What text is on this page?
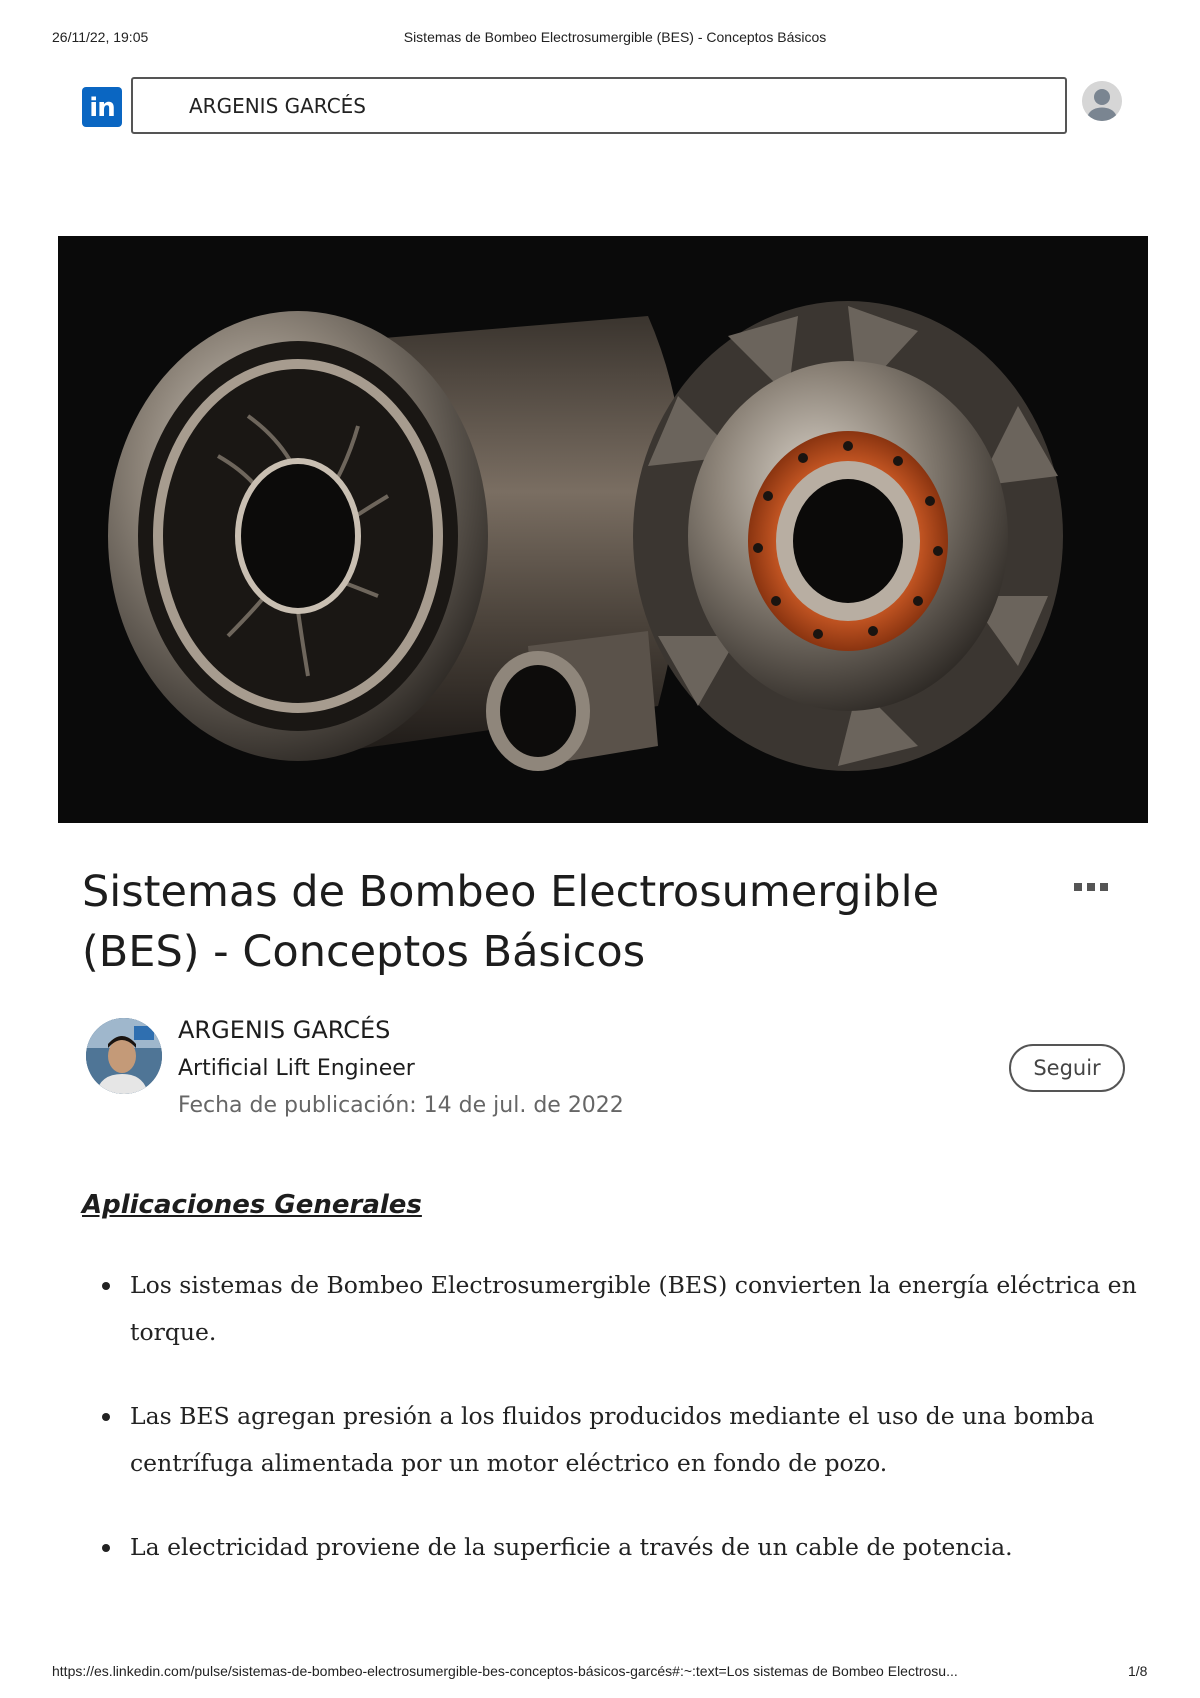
26/11/22, 19:05	Sistemas de Bombeo Electrosumergible (BES) - Conceptos Básicos
in	ARGENIS GARCÉS
Sistemas de Bombeo Electrosumergible (BES) - Conceptos Básicos
ARGENIS GARCÉS
Artificial Lift Engineer
Fecha de publicación: 14 de jul. de 2022
Seguir
Aplicaciones Generales
Los sistemas de Bombeo Electrosumergible (BES) convierten la energía eléctrica en torque.
Las BES agregan presión a los fluidos producidos mediante el uso de una bomba centrífuga alimentada por un motor eléctrico en fondo de pozo.
La electricidad proviene de la superficie a través de un cable de potencia.
https://es.linkedin.com/pulse/sistemas-de-bombeo-electrosumergible-bes-conceptos-básicos-garcés#:~:text=Los sistemas de Bombeo Electrosu...	1/8
